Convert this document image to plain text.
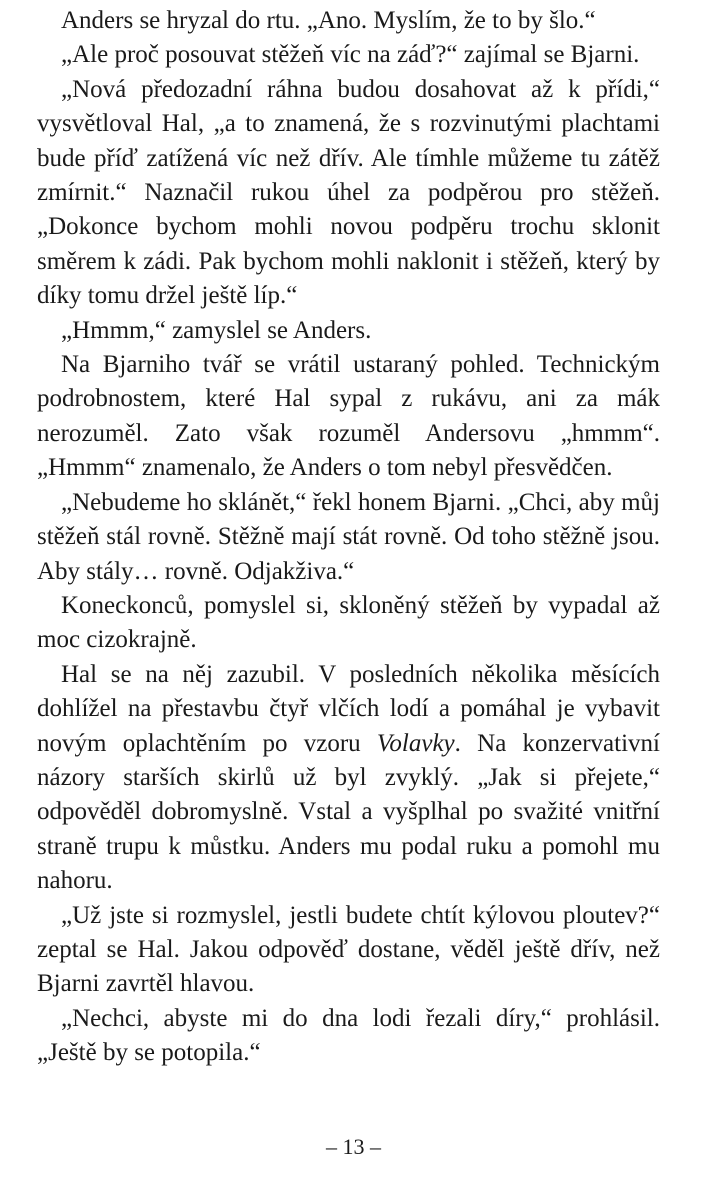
Anders se hryzal do rtu. „Ano. Myslím, že to by šlo.“

„Ale proč posouvat stěžeň víc na záď?“ zajímal se Bjarni.

„Nová předozadní ráhna budou dosahovat až k přídi,“ vysvětloval Hal, „a to znamená, že s rozvinutými plachtami bude příď zatížená víc než dřív. Ale tímhle můžeme tu zátěž zmírnit.“ Naznačil rukou úhel za podpěrou pro stěžeň. „Dokonce bychom mohli novou podpěru trochu sklonit směrem k zádi. Pak bychom mohli naklonit i stěžeň, který by díky tomu držel ještě líp.“

„Hmmm,“ zamyslel se Anders.

Na Bjarniho tvář se vrátil ustaraný pohled. Technickým podrobnostem, které Hal sypal z rukávu, ani za mák nerozuměl. Zato však rozuměl Andersovu „hmmm“. „Hmmm“ znamenalo, že Anders o tom nebyl přesvědčen.

„Nebudeme ho sklánět,“ řekl honem Bjarni. „Chci, aby můj stěžeň stál rovně. Stěžně mají stát rovně. Od toho stěžně jsou. Aby stály… rovně. Odjakživa.“

Koneckonců, pomyslel si, skloněný stěžeň by vypadal až moc cizokrajně.

Hal se na něj zazubil. V posledních několika měsících dohlížel na přestavbu čtyř vlčích lodí a pomáhal je vybavit novým oplachtěním po vzoru Volavky. Na konzervativní názory starších skirlů už byl zvyklý. „Jak si přejete,“ odpověděl dobromyslně. Vstal a vyšplhal po svažité vnitřní straně trupu k můstku. Anders mu podal ruku a pomohl mu nahoru.

„Už jste si rozmyslel, jestli budete chtít kýlovou ploutev?“ zeptal se Hal. Jakou odpověď dostane, věděl ještě dřív, než Bjarni zavrtěl hlavou.

„Nechci, abyste mi do dna lodi řezali díry,“ prohlásil. „Ještě by se potopila.“

– 13 –
